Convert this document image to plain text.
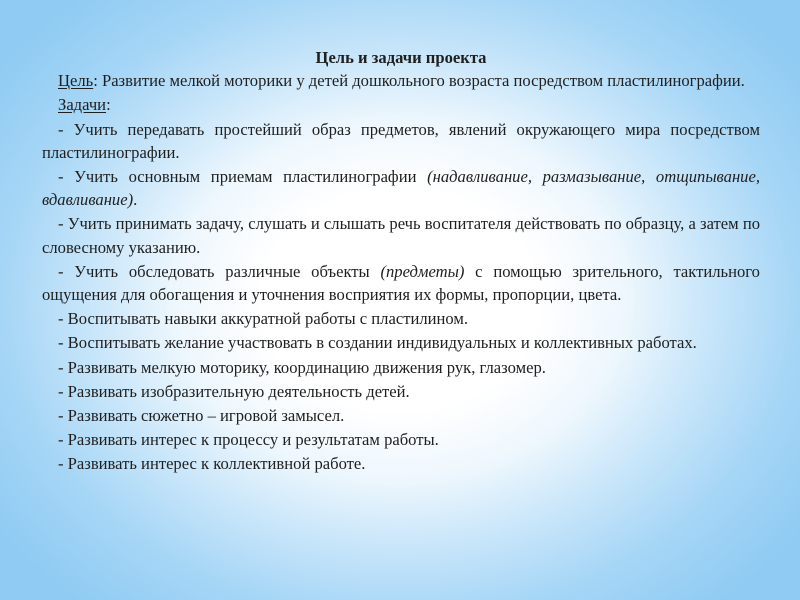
Цель и задачи проекта
Цель: Развитие мелкой моторики у детей дошкольного возраста посредством пластилинографии.
Задачи:
- Учить передавать простейший образ предметов, явлений окружающего мира посредством пластилинографии.
- Учить основным приемам пластилинографии (надавливание, размазывание, отщипывание, вдавливание).
- Учить принимать задачу, слушать и слышать речь воспитателя действовать по образцу, а затем по словесному указанию.
- Учить обследовать различные объекты (предметы) с помощью зрительного, тактильного ощущения для обогащения и уточнения восприятия их формы, пропорции, цвета.
- Воспитывать навыки аккуратной работы с пластилином.
- Воспитывать желание участвовать в создании индивидуальных и коллективных работах.
- Развивать мелкую моторику, координацию движения рук, глазомер.
- Развивать изобразительную деятельность детей.
- Развивать сюжетно – игровой замысел.
- Развивать интерес к процессу и результатам работы.
- Развивать интерес к коллективной работе.
